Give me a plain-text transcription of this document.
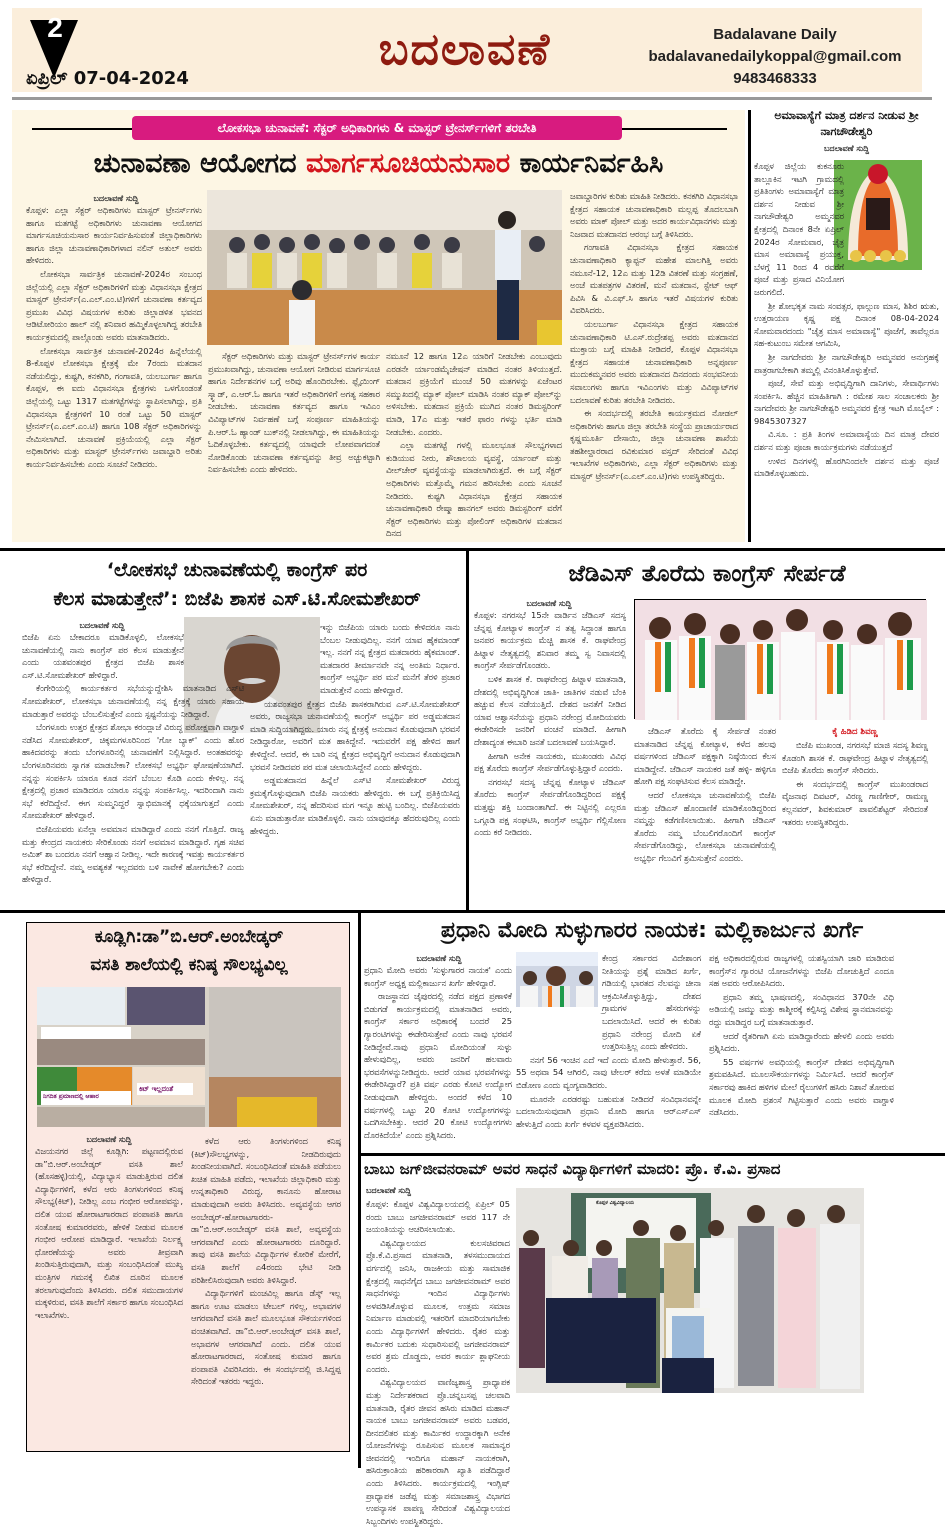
2
ಏಪ್ರಿಲ್ 07-04-2024
ಬದಲಾವಣೆ	Badalavane Daily
badalavanedailykoppal@gmail.com
9483468333
ಲೋಕಸಭಾ ಚುನಾವಣೆ: ಸೆಕ್ಟರ್ ಅಧಿಕಾರಿಗಳು & ಮಾಸ್ಟರ್ ಟ್ರೇನರ್ಸ್‌ಗಳಿಗೆ ತರಬೇತಿ
ಚುನಾವಣಾ ಆಯೋಗದ ಮಾರ್ಗಸೂಚಿಯನುಸಾರ ಕಾರ್ಯನಿರ್ವಹಿಸಿ
ಬದಲಾವಣೆ ಸುದ್ದಿ

ಕೊಪ್ಪಳ: ಎಲ್ಲಾ ಸೆಕ್ಟರ್ ಅಧಿಕಾರಿಗಳು ಮಾಸ್ಟರ್ ಟ್ರೇನರ್ಸ್‌ಗಳು ಹಾಗೂ ಮತಗಟ್ಟೆ ಅಧಿಕಾರಿಗಳು ಚುನಾವಣಾ ಆಯೋಗದ ಮಾರ್ಗಸೂಚಿಯನುಸಾರ ಕಾರ್ಯನಿರ್ವಹಿಸುವಂತೆ ಜಿಲ್ಲಾಧಿಕಾರಿಗಳು ಹಾಗೂ ಜಿಲ್ಲಾ ಚುನಾವಣಾಧಿಕಾರಿಗಳಾದ ನಲಿನ್ ಅತುಲ್ ಅವರು ಹೇಳಿದರು.

ಲೋಕಸಭಾ ಸಾರ್ವತ್ರಿಕ ಚುನಾವಣೆ-2024ರ ಸಂಬಂಧ ಜಿಲ್ಲೆಯಲ್ಲಿ ಎಲ್ಲಾ ಸೆಕ್ಟರ್ ಅಧಿಕಾರಿಗಳಿಗೆ ಮತ್ತು ವಿಧಾನಸಭಾ ಕ್ಷೇತ್ರದ ಮಾಸ್ಟರ್ ಟ್ರೇನರ್ಸ್(ಎ.ಎಲ್.ಎಂ.ಟಿ)ಗಳಿಗೆ ಚುನಾವಣಾ ಕರ್ತವ್ಯದ ಪ್ರಮುಖ ವಿವಿಧ ವಿಷಯಗಳ ಕುರಿತು ಜಿಲ್ಲಾಡಳಿತ ಭವನದ ಆಡಿಟೋರಿಯಂ ಹಾಲ್ ನಲ್ಲಿ ಶನಿವಾರ ಹಮ್ಮಿಕೊಳ್ಳಲಾಗಿದ್ದ ತರಬೇತಿ ಕಾರ್ಯಕ್ರಮದಲ್ಲಿ ಪಾಲ್ಗೊಂಡು ಅವರು ಮಾತನಾಡಿದರು.

ಲೋಕಸಭಾ ಸಾರ್ವತ್ರಿಕ ಚುನಾವಣೆ-2024ರ ಹಿನ್ನೆಲೆಯಲ್ಲಿ 8-ಕೊಪ್ಪಳ ಲೋಕಸಭಾ ಕ್ಷೇತ್ರಕ್ಕೆ ಮೇ 7ರಂದು ಮತದಾನ ನಡೆಯಲಿದ್ದು, ಕುಷ್ಟಗಿ, ಕನಕಗಿರಿ, ಗಂಗಾವತಿ, ಯಲಬುರ್ಗಾ ಹಾಗೂ ಕೊಪ್ಪಳ, ಈ ಐದು ವಿಧಾನಸಭಾ ಕ್ಷೇತ್ರಗಳು ಒಳಗೊಂಡಂತೆ ಜಿಲ್ಲೆಯಲ್ಲಿ ಒಟ್ಟು 1317 ಮತಗಟ್ಟೆಗಳನ್ನು ಸ್ಥಾಪಿಸಲಾಗಿದ್ದು, ಪ್ರತಿ ವಿಧಾನಸಭಾ ಕ್ಷೇತ್ರಗಳಿಗೆ 10 ರಂತೆ ಒಟ್ಟು 50 ಮಾಸ್ಟರ್ ಟ್ರೇನರ್ಸ್(ಎ.ಎಲ್.ಎಂ.ಟಿ) ಹಾಗೂ 108 ಸೆಕ್ಟರ್ ಅಧಿಕಾರಿಗಳನ್ನು ನೇಮಿಸಲಾಗಿದೆ. ಚುನಾವಣೆ ಪ್ರಕ್ರಿಯೆಯಲ್ಲಿ ಎಲ್ಲಾ ಸೆಕ್ಟರ್ ಅಧಿಕಾರಿಗಳು ಮತ್ತು ಮಾಸ್ಟರ್ ಟ್ರೇನರ್ಸ್‌ಗಳು ಜವಾಬ್ದಾರಿ ಅರಿತು ಕಾರ್ಯನಿರ್ವಹಿಸಬೇಕು ಎಂದು ಸೂಚನೆ ನೀಡಿದರು.

ಸೆಕ್ಟರ್ ಅಧಿಕಾರಿಗಳು ಮತ್ತು ಮಾಸ್ಟರ್ ಟ್ರೇನರ್ಸ್‌ಗಳ ಕಾರ್ಯ ಪ್ರಮುಖವಾಗಿದ್ದು, ಚುನಾವಣಾ ಆಯೋಗ ನೀಡಿರುವ ಮಾರ್ಗಸೂಚಿ ಹಾಗೂ ನಿರ್ದೇಶನಗಳ ಬಗ್ಗೆ ಅರಿವು ಹೊಂದಿರಬೇಕು. ಫ್ಲೈಯಿಂಗ್ ಸ್ಕ್ವಾಡ್, ಎ.ಆರ್.ಓ ಹಾಗೂ ಇತರೆ ಅಧಿಕಾರಿಗಳಿಗೆ ಅಗತ್ಯ ಸಹಕಾರ ನೀಡಬೇಕು. ಚುನಾವಣಾ ಕರ್ತವ್ಯದ ಹಾಗೂ ಇವಿಎಂ ವಿವಿಪ್ಯಾಟ್‌ಗಳ ನಿರ್ವಹಣೆ ಬಗ್ಗೆ ಸಂಪೂರ್ಣ ಮಾಹಿತಿಯನ್ನು ಪಿ.ಆರ್.ಓ ಹ್ಯಾಂಡ್ ಬುಕ್‌ನಲ್ಲಿ ನೀಡಲಾಗಿದ್ದು, ಈ ಮಾಹಿತಿಯನ್ನು ಓದಿಕೊಳ್ಳಬೇಕು. ಕರ್ತವ್ಯದಲ್ಲಿ ಯಾವುದೇ ಲೋಪವಾಗದಂತೆ ನೋಡಿಕೊಂಡು ಚುನಾವಣಾ ಕರ್ತವ್ಯವನ್ನು ತೀವ್ರ ಅಚ್ಚುಕಟ್ಟಾಗಿ ನಿರ್ವಹಿಸಬೇಕು ಎಂದು ಹೇಳಿದರು.

ನಮೂನೆ 12 ಹಾಗೂ 12ಎ ಯಾರಿಗೆ ನೀಡಬೇಕು ಎಂಬುವುದು ಎರಡನೇ ರ್ಯಾಂಡಮೈಜೇಷನ್ ಮಾಡಿದ ನಂತರ ತಿಳಿಯುತ್ತದೆ. ಮತದಾನ ಪ್ರಕ್ರಿಯೆಗೆ ಮುಂಚೆ 50 ಮತಗಳನ್ನು ಏಜೆಂಟರ ಸಮ್ಮುಖದಲ್ಲಿ ಮ್ಯಾಕ್ ಪೋಲ್ ಮಾಡಿಸಿ ನಂತರ ಮ್ಯಾಕ್ ಪೋಲ್‌ನ್ನು ಅಳಿಸಬೇಕು. ಮತದಾನ ಪ್ರಕ್ರಿಯೆ ಮುಗಿದ ನಂತರ ಡಿಮಸ್ಟರಿಂಗ್ ಮಾಡಿ, 17ಎ ಮತ್ತು ಇತರೆ ಫಾರಂ ಗಳನ್ನು ಭರ್ತಿ ಮಾಡಿ ನೀಡಬೇಕು. ಎಂದರು.

ಎಲ್ಲಾ ಮತಗಟ್ಟೆ ಗಳಲ್ಲಿ ಮೂಲಭೂತ ಸೌಲಭ್ಯಗಳಾದ ಕುಡಿಯುವ ನೀರು, ಶೌಚಾಲಯ ವ್ಯವಸ್ಥೆ, ರ್ಯಾಂಪ್ ಮತ್ತು ವೀಲ್‌ಚೇರ್ ವ್ಯವಸ್ಥೆಯನ್ನು ಮಾಡಲಾಗಿರುತ್ತದೆ. ಈ ಬಗ್ಗೆ ಸೆಕ್ಟರ್ ಅಧಿಕಾರಿಗಳು ಮತ್ತೊಮ್ಮೆ ಗಮನ ಹರಿಸಬೇಕು ಎಂದು ಸೂಚನೆ ನೀಡಿದರು. ಕುಷ್ಟಗಿ ವಿಧಾನಸಭಾ ಕ್ಷೇತ್ರದ ಸಹಾಯಕ ಚುನಾವಣಾಧಿಕಾರಿ ರೇಷ್ಮಾ ಹಾನಗಲ್ ಅವರು ಡಿಮಸ್ಟರಿಂಗ್ ವರೆಗೆ ಸೆಕ್ಟರ್ ಅಧಿಕಾರಿಗಳು ಮತ್ತು ಪೋಲಿಂಗ್ ಅಧಿಕಾರಿಗಳ ಮತದಾನ ದಿನದ

ಜವಾಬ್ದಾರಿಗಳ ಕುರಿತು ಮಾಹಿತಿ ನೀಡಿದರು. ಕನಕಗಿರಿ ವಿಧಾನಸಭಾ ಕ್ಷೇತ್ರದ ಸಹಾಯಕ ಚುನಾವಣಾಧಿಕಾರಿ ಮಲ್ಲಪ್ಪ ತೊದಲಬಾಗಿ ಅವರು ಮಾಕ್ ಪೋಲ್ ಮತ್ತು ಅದರ ಕಾರ್ಯವಿಧಾನಗಳು ಮತ್ತು ನಿಜವಾದ ಮತದಾನದ ಆರಂಭ ಬಗ್ಗೆ ತಿಳಿಸಿದರು.

ಗಂಗಾವತಿ ವಿಧಾನಸಭಾ ಕ್ಷೇತ್ರದ ಸಹಾಯಕ ಚುನಾವಣಾಧಿಕಾರಿ ಕ್ಯಾಪ್ಟನ್ ಮಹೇಶ ಮಾಲಗಿತ್ತಿ ಅವರು ನಮೂನೆ-12, 12ಎ ಮತ್ತು 12ಡಿ ವಿತರಣೆ ಮತ್ತು ಸಂಗ್ರಹಣೆ, ಅಂಚೆ ಮತಪತ್ರಗಳ ವಿತರಣೆ, ಮನೆ ಮತದಾನ, ಸ್ಟೇಟ್ ಆಫ್ ಪಿವಿಸಿ & ವಿ.ಎಫ್.ಸಿ ಹಾಗೂ ಇತರೆ ವಿಷಯಗಳ ಕುರಿತು ವಿವರಿಸಿದರು.

ಯಲಬುರ್ಗಾ ವಿಧಾನಸಭಾ ಕ್ಷೇತ್ರದ ಸಹಾಯಕ ಚುನಾವಣಾಧಿಕಾರಿ ಟಿ.ಎಸ್.ರುದ್ರೇಶಪ್ಪ ಅವರು ಮತದಾನದ ಮುಕ್ತಾಯ ಬಗ್ಗೆ ಮಾಹಿತಿ ನೀಡಿದರೆ, ಕೊಪ್ಪಳ ವಿಧಾನಸಭಾ ಕ್ಷೇತ್ರದ ಸಹಾಯಕ ಚುನಾವಣಾಧಿಕಾರಿ ಅನ್ನಪೂರ್ಣ ಮುದುಕಮ್ಮನವರ ಅವರು ಮತದಾನದ ದಿನದಂದು ಸಂಭವನೀಯ ಸವಾಲುಗಳು ಹಾಗೂ ಇವಿಎಂಗಳು ಮತ್ತು ವಿವಿಪ್ಯಾಟ್‌ಗಳ ಬದಲಾವಣೆ ಕುರಿತು ತರಬೇತಿ ನೀಡಿದರು.

ಈ ಸಂದರ್ಭದಲ್ಲಿ ತರಬೇತಿ ಕಾರ್ಯಕ್ರಮದ ನೋಡಲ್ ಅಧಿಕಾರಿಗಳು ಹಾಗೂ ಜಿಲ್ಲಾ ತರಬೇತಿ ಸಂಸ್ಥೆಯ ಪ್ರಾಚಾರ್ಯರಾದ ಕೃಷ್ಣಮೂರ್ತಿ ದೇಸಾಯಿ, ಜಿಲ್ಲಾ ಚುನಾವಣಾ ಶಾಖೆಯ ತಹಶೀಲ್ದಾರರಾದ ರವಿಕುಮಾರ ವಸ್ತದ್ ಸೇರಿದಂತೆ ವಿವಿಧ ಇಲಾಖೆಗಳ ಅಧಿಕಾರಿಗಳು, ಎಲ್ಲಾ ಸೆಕ್ಟರ್ ಅಧಿಕಾರಿಗಳು ಮತ್ತು ಮಾಸ್ಟರ್ ಟ್ರೇನರ್ಸ್(ಎ.ಎಲ್.ಎಂ.ಟಿ)ಗಳು ಉಪಸ್ಥಿತರಿದ್ದರು.

ಅಮಾವಾಸ್ಯೆಗೆ ಮಾತ್ರ ದರ್ಶನ ನೀಡುವ ಶ್ರೀ ನಾಗಚೌಡೇಶ್ವರಿ
ಬದಲಾವಣೆ ಸುದ್ದಿ

ಕೊಪ್ಪಳ ಜಿಲ್ಲೆಯ ಕುಕನೂರು ತಾಲ್ಲೂಕಿನ ಇಟಗಿ ಗ್ರಾಮದಲ್ಲಿ ಪ್ರತಿತಿಂಗಳು ಅಮಾವಾಸ್ಯೆಗೆ ಮಾತ್ರ ದರ್ಶನ ನೀಡುವ ಶ್ರೀ ನಾಗಚೌಡೇಶ್ವರಿ ಅಮ್ಮನವರ ಕ್ಷೇತ್ರದಲ್ಲಿ ದಿನಾಂಕ 8ನೇ ಏಪ್ರಿಲ್ 2024ರ ಸೋಮವಾರ, ಚೈತ್ರ ಮಾಸ ಅಮಾವಾಸ್ಯೆ ಪ್ರಯುಕ್ತ, ಬೆಳಗ್ಗೆ 11 ರಿಂದ 4 ರವರೆಗೆ ಪೂಜೆ ಮತ್ತು ಪ್ರಸಾದ ವಿನಿಯೋಗ ಜರುಗಲಿದೆ.

ಶ್ರೀ ಶೋಭಕೃತ ನಾಮ ಸಂವತ್ಸರ, ಫಾಲ್ಗುಣ ಮಾಸ, ಶಿಶಿರ ಋತು, ಉತ್ತರಾಯಣ ಕೃಷ್ಣ ಪಕ್ಷ ದಿನಾಂಕ 08-04-2024 ಸೋಮವಾರದಂದು "ಚೈತ್ರ ಮಾಸ ಅಮಾವಾಸ್ಯೆ" ಪೂಜೆಗೆ, ತಾವೆಲ್ಲರೂ ಸಹ-ಕುಟುಂಬ ಸಮೇತ ಆಗಮಿಸಿ,

ಶ್ರೀ ನಾಗದೇವರು ಶ್ರೀ ನಾಗಚೌಡೇಶ್ವರಿ ಅಮ್ಮನವರ ಅನುಗ್ರಹಕ್ಕೆ ಪಾತ್ರರಾಗಬೇಕಾಗಿ ತಮ್ಮಲ್ಲಿ ವಿನಂತಿಸಿಕೊಳ್ಳುತ್ತೇವೆ.

ಪೂಜೆ, ಸೇವೆ ಮತ್ತು ಅಭಿವೃದ್ಧಿಗಾಗಿ ದಾನಿಗಳು, ಸೇವಾರ್ಥಿಗಳು ಸಂಪರ್ಕಿಸಿ. ಹೆಚ್ಚಿನ ಮಾಹಿತಿಗಾಗಿ : ರಮೇಶ ಸಾಲ ಸಂಚಾಲಕರು ಶ್ರೀ ನಾಗದೇವರು ಶ್ರೀ ನಾಗಚೌಡೇಶ್ವರಿ ಅಮ್ಮನವರ ಕ್ಷೇತ್ರ ಇಟಗಿ ಮೊಬೈಲ್ : 9845307327

ವಿ.ಸೂ. : ಪ್ರತಿ ತಿಂಗಳ ಅಮಾವಾಸ್ಯೆಯ ದಿನ ಮಾತ್ರ ದೇವರ ದರ್ಶನ ಮತ್ತು ಪೂಜಾ ಕಾರ್ಯಕ್ರಮಗಳು ನಡೆಯುತ್ತದೆ

ಉಳಿದ ದಿನಗಳಲ್ಲಿ ಹೊರಗಿನಿಂದಲೇ ದರ್ಶನ ಮತ್ತು ಪೂಜೆ ಮಾಡಿಕೊಳ್ಳಬಹುದು.

‘ಲೋಕಸಭೆ ಚುನಾವಣೆಯಲ್ಲಿ ಕಾಂಗ್ರೆಸ್ ಪರ
ಕೆಲಸ ಮಾಡುತ್ತೇನೆ’: ಬಿಜೆಪಿ ಶಾಸಕ ಎಸ್.ಟಿ.ಸೋಮಶೇಖರ್
ಬದಲಾವಣೆ ಸುದ್ದಿ

ಬಿಜೆಪಿ ಏನು ಬೇಕಾದರೂ ಮಾಡಿಕೊಳ್ಳಲಿ, ಲೋಕಸಭೆ ಚುನಾವಣೆಯಲ್ಲಿ ನಾನು ಕಾಂಗ್ರೆಸ್ ಪರ ಕೆಲಸ ಮಾಡುತ್ತೇನೆ ಎಂದು ಯಶವಂತಪುರ ಕ್ಷೇತ್ರದ ಬಿಜೆಪಿ ಶಾಸಕ ಎಸ್.ಟಿ.ಸೋಮಶೇಖರ್ ಹೇಳಿದ್ದಾರೆ.

ಕೆಂಗೇರಿಯಲ್ಲಿ ಕಾರ್ಯಕರ್ತರ ಸಭೆಯನ್ನುದ್ದೇಶಿಸಿ ಮಾತನಾಡಿದ ಎಸ್‌ಟಿ ಸೋಮಶೇಖರ್, ಲೋಕಸಭಾ ಚುನಾವಣೆಯಲ್ಲಿ ನನ್ನ ಕ್ಷೇತ್ರಕ್ಕೆ ಯಾರು ಸಹಾಯ ಮಾಡುತ್ತಾರೆ ಅವರನ್ನು ಬೆಂಬಲಿಸುತ್ತೇನೆ ಎಂದು ಸ್ಪಷ್ಟನೆಯನ್ನು ನೀಡಿದ್ದಾರೆ.

ಬೆಂಗಳೂರು ಉತ್ತರ ಕ್ಷೇತ್ರದ ಶೋಭಾ ಕರಂದ್ಲಾಜೆ ವಿರುದ್ಧ ಪರೋಕ್ಷವಾಗಿ ವಾಗ್ದಾಳಿ ನಡೆಸಿದ ಸೋಮಶೇಖರ್, ಚಿಕ್ಕಮಗಳೂರಿನಿಂದ 'ಗೋ ಬ್ಯಾಕ್' ಎಂದು ಹೊರ ಹಾಕಿದವರನ್ನು ತಂದು ಬೆಂಗಳೂರಿನಲ್ಲಿ ಚುನಾವಣೆಗೆ ನಿಲ್ಲಿಸಿದ್ದಾರೆ. ಅಂತಹವರನ್ನು ಬೆಂಗಳೂರಿನವರು ಸ್ವಾಗತ ಮಾಡಬೇಕಾ? ಲೋಕಸಭೆ ಅಭ್ಯರ್ಥಿ ಘೋಷಣೆಯಾಗಿದೆ. ನನ್ನನ್ನು ಸಂಪರ್ಕಿಸಿ ಯಾರೂ ಕೂಡ ನನಗೆ ಬೆಂಬಲ ಕೊಡಿ ಎಂದು ಕೇಳಿಲ್ಲ. ನನ್ನ ಕ್ಷೇತ್ರದಲ್ಲಿ ಪ್ರಚಾರ ಮಾಡಿದರೂ ಯಾರೂ ನನ್ನನ್ನು ಸಂಪರ್ಕಿಸಿಲ್ಲ. ಇದರಿಂದಾಗಿ ನಾನು ಸಭೆ ಕರೆದಿದ್ದೇನೆ. ಈಗ ಸುಮ್ಮನಿದ್ದರೆ ಸ್ವಾಭಿಮಾನಕ್ಕೆ ಧಕ್ಕೆಯಾಗುತ್ತದೆ ಎಂದು ಸೋಮಶೇಖರ್ ಹೇಳಿದ್ದಾರೆ.

ಬಿಜೆಪಿಯವರು ಏನೆಲ್ಲಾ ಅವಮಾನ ಮಾಡಿದ್ದಾರೆ ಎಂದು ನನಗೆ ಗೊತ್ತಿದೆ. ರಾಜ್ಯ ಮತ್ತು ಕೇಂದ್ರದ ನಾಯಕರು ಸೇರಿಕೊಂಡು ನನಗೆ ಅವಮಾನ ಮಾಡಿದ್ದಾರೆ. ಗೃಹ ಸಚಿವ ಅಮಿತ್ ಶಾ ಬಂದರೂ ನನಗೆ ಆಹ್ವಾನ ನೀಡಿಲ್ಲ. ಇದೇ ಕಾರಣಕ್ಕೆ ಇವತ್ತು ಕಾರ್ಯಕರ್ತರ ಸಭೆ ಕರೆದಿದ್ದೇನೆ. ನಮ್ಮ ಅವಶ್ಯಕತೆ ಇಲ್ಲದವರು ಬಳಿ ನಾವೇಕೆ ಹೋಗಬೇಕು? ಎಂದು ಹೇಳಿದ್ದಾರೆ.

ಇನ್ನು ಬಿಜೆಪಿಯ ಯಾರು ಬಂದು ಕೇಳಿದರೂ ನಾನು ಬೆಂಬಲ ನೀಡುವುದಿಲ್ಲ. ನನಗೆ ಯಾವ ಹೈಕಮಾಂಡ್ ಇಲ್ಲ. ನನಗೆ ನನ್ನ ಕ್ಷೇತ್ರದ ಮತದಾರರು ಹೈಕಮಾಂಡ್. ಮತದಾರರ ತೀರ್ಮಾನವೇ ನನ್ನ ಅಂತಿಮ ನಿರ್ಧಾರ. ಕಾಂಗ್ರೆಸ್ ಅಭ್ಯರ್ಥಿ ಪರ ಮನೆ ಮನೆಗೆ ತೆರಳಿ ಪ್ರಚಾರ ಮಾಡುತ್ತೇನೆ ಎಂದು ಹೇಳಿದ್ದಾರೆ.

ಯಶವಂತಪುರ ಕ್ಷೇತ್ರದ ಬಿಜೆಪಿ ಶಾಸಕರಾಗಿರುವ ಎಸ್.ಟಿ.ಸೋಮಶೇಖರ್ ಅವರು, ರಾಜ್ಯಸಭಾ ಚುನಾವಣೆಯಲ್ಲಿ ಕಾಂಗ್ರೆಸ್ ಅಭ್ಯರ್ಥಿ ಪರ ಅಡ್ಡಮತದಾನ ಮಾಡಿ ಸುದ್ದಿಯಾಗಿದ್ದರು. ಯಾರು ನನ್ನ ಕ್ಷೇತ್ರಕ್ಕೆ ಅನುದಾನ ಕೊಡುವುದಾಗಿ ಭರವಸೆ ನೀಡಿದ್ದಾರೋ, ಅವರಿಗೆ ಮತ ಹಾಕಿದ್ದೇನೆ. ಇದುವರೆಗೆ ಪಕ್ಷ ಹೇಳಿದ ಹಾಗೆ ಕೇಳಿದ್ದೇನೆ. ಆದರೆ, ಈ ಬಾರಿ ನನ್ನ ಕ್ಷೇತ್ರದ ಅಭಿವೃದ್ಧಿಗೆ ಅನುದಾನ ಕೊಡುವುದಾಗಿ ಭರವಸೆ ನೀಡಿದವರ ಪರ ಮತ ಚಲಾಯಿಸಿದ್ದೇನೆ ಎಂದು ಹೇಳಿದ್ದರು.

ಅಡ್ಡಮತದಾನದ ಹಿನ್ನೆಲೆ ಎಸ್‌ಟಿ ಸೋಮಶೇಖರ್ ವಿರುದ್ಧ ಕ್ರಮಕೈಗೊಳ್ಳುವುದಾಗಿ ಬಿಜೆಪಿ ನಾಯಕರು ಹೇಳಿದ್ದರು. ಈ ಬಗ್ಗೆ ಪ್ರತಿಕ್ರಿಯಿಸಿದ್ದ ಸೋಮಶೇಖರ್, ನನ್ನ ಹೆದರಿಸುವ ಮಗ ಇನ್ನೂ ಹುಟ್ಟಿ ಬಂದಿಲ್ಲ. ಬಿಜೆಪಿಯವರು ಏನು ಮಾಡುತ್ತಾರೋ ಮಾಡಿಕೊಳ್ಳಲಿ. ನಾನು ಯಾವುದಕ್ಕೂ ಹೆದರುವುದಿಲ್ಲ ಎಂದು ಹೇಳಿದ್ದರು.

ಜೆಡಿಎಸ್ ತೊರೆದು ಕಾಂಗ್ರೆಸ್ ಸೇರ್ಪಡೆ
ಬದಲಾವಣೆ ಸುದ್ದಿ

ಕೊಪ್ಪಳ: ನಗರಸಭೆ 15ನೇ ವಾರ್ಡಿನ ಜೆಡಿಎಸ್ ಸದಸ್ಯ ಚೆನ್ನಪ್ಪ ಕೋಟ್ಯಾಳ ಕಾಂಗ್ರೆಸ್ ನ ತತ್ವ ಸಿದ್ಧಾಂತ ಹಾಗೂ ಜನಪರ ಕಾರ್ಯಕ್ರಮ ಮೆಚ್ಚಿ ಶಾಸಕ ಕೆ. ರಾಘವೇಂದ್ರ ಹಿಟ್ನಾಳ ನೇತೃತ್ವದಲ್ಲಿ ಶನಿವಾರ ತಮ್ಮ ಸ್ವ ನಿವಾಸದಲ್ಲಿ ಕಾಂಗ್ರೆಸ್ ಸೇರ್ಪಡೆಗೊಂಡರು.

ಬಳಿಕ ಶಾಸಕ ಕೆ. ರಾಘವೇಂದ್ರ ಹಿಟ್ನಾಳ ಮಾತನಾಡಿ, ದೇಶದಲ್ಲಿ ಅಭಿವೃದ್ಧಿಗಿಂತ ಜಾತಿ- ಜಾತಿಗಳ ನಡುವೆ ಬೆಂಕಿ ಹಚ್ಚುವ ಕೆಲಸ ನಡೆಯುತ್ತಿದೆ. ದೇಶದ ಜನತೆಗೆ ನೀಡಿದ ಯಾವ ಆಶ್ವಾಸನೆಯನ್ನು ಪ್ರಧಾನಿ ನರೇಂದ್ರ ಮೋದಿಯವರು ಈಡೇರಿಸದೇ ಜನರಿಗೆ ವಂಚನೆ ಮಾಡಿದೆ. ಹೀಗಾಗಿ ದೇಶಾದ್ಯಂತ ಈಬಾರಿ ಜನತೆ ಬದಲಾವಣೆ ಬಯಸಿದ್ದಾರೆ.

ಹೀಗಾಗಿ ಅನೇಕ ನಾಯಕರು, ಮುಖಂಡರು ವಿವಿಧ ಪಕ್ಷ ತೊರೆದು ಕಾಂಗ್ರೆಸ್ ಸೇರ್ಪಡೆಗೊಳ್ಳುತ್ತಿದ್ದಾರೆ ಎಂದರು.

ನಗರಸಭೆ ಸದಸ್ಯ ಚೆನ್ನಪ್ಪ ಕೋಟ್ಯಾಳ ಜೆಡಿಎಸ್ ತೊರೆದು ಕಾಂಗ್ರೆಸ್ ಸೇರ್ಪಡೆಗೊಂಡಿದ್ದರಿಂದ ಪಕ್ಷಕ್ಕೆ ಮತ್ತಷ್ಟು ಶಕ್ತಿ ಬಂದಾಂತಾಗಿದೆ. ಈ ನಿಟ್ಟಿನಲ್ಲಿ ಎಲ್ಲರೂ ಒಗ್ಗೂಡಿ ಪಕ್ಷ ಸಂಘಟಿಸಿ, ಕಾಂಗ್ರೆಸ್ ಅಭ್ಯರ್ಥಿ ಗೆಲ್ಲಿಸೋಣ ಎಂದು ಕರೆ ನೀಡಿದರು.

ಜೆಡಿಎಸ್ ತೊರೆದು ಕೈ ಸೇರ್ಪಡೆ ನಂತರ ಮಾತನಾಡಿದ ಚೆನ್ನಪ್ಪ ಕೋಟ್ಯಾಳ, ಕಳೆದ ಹಲವು ವರ್ಷಗಳಿಂದ ಜೆಡಿಎಸ್ ಪಕ್ಷಕ್ಕಾಗಿ ನಿಷ್ಠೆಯಿಂದ ಕೆಲಸ ಮಾಡಿದ್ದೇನೆ. ಜೆಡಿಎಸ್ ನಾಯಕರ ಜತೆ ಹಳ್ಳಿ- ಹಳ್ಳಿಗೂ ಹೋಗಿ ಪಕ್ಷ ಸಂಘಟಿಸುವ ಕೆಲಸ ಮಾಡಿದ್ದೇ.

ಆದರೆ ಲೋಕಸಭಾ ಚುನಾವಣೆಯಲ್ಲಿ ಬಿಜೆಪಿ ಮತ್ತು ಜೆಡಿಎಸ್ ಹೊಂದಾಣಿಕೆ ಮಾಡಿಕೊಂಡಿದ್ದರಿಂದ ನಮ್ಮನ್ನು ಕಡೆಗಣಿಸಲಾಯಿತು. ಹೀಗಾಗಿ ಜೆಡಿಎಸ್ ತೊರೆದು ನಮ್ಮ ಬೆಂಬಲಿಗರೊಂದಿಗೆ ಕಾಂಗ್ರೆಸ್ ಸೇರ್ಪಡೆಗೊಂಡಿದ್ದು, ಲೋಕಸಭಾ ಚುನಾವಣೆಯಲ್ಲಿ ಅಭ್ಯರ್ಥಿ ಗೆಲುವಿಗೆ ಶ್ರಮಿಸುತ್ತೇನೆ ಎಂದರು.

ಕೈ ಹಿಡಿದ ಶಿವಣ್ಣ

ಬಿಜೆಪಿ ಮುಖಂಡ, ನಗರಸಭೆ ಮಾಜಿ ಸದಸ್ಯ ಶಿವಣ್ಣ ಕೊಡಂಗಿ ಶಾಸಕ ಕೆ. ರಾಘವೇಂದ್ರ ಹಿಟ್ನಾಳ ನೇತೃತ್ವದಲ್ಲಿ ಬಿಜೆಪಿ ತೊರೆದು ಕಾಂಗ್ರೆಸ್ ಸೇರಿದರು.

ಈ ಸಂದರ್ಭದಲ್ಲಿ ಕಾಂಗ್ರೆಸ್ ಮುಖಂಡರಾದ ವೈಜನಾಥ ದಿವಟರ್, ವಿರಣ್ಣ ಗಾಣಿಗೇರ್, ರಾಮಣ್ಣ ಕಲ್ಲನವರ್, ಶಿವಕುಮಾರ್ ಪಾವಲಿಶೆಟ್ಟರ್ ಸೇರಿದಂತೆ ಇತರರು ಉಪಸ್ಥಿತರಿದ್ದರು.

ಕೂಡ್ಲಿಗಿ:ಡಾ”ಬಿ.ಆರ್.ಅಂಬೇಡ್ಕರ್
ವಸತಿ ಶಾಲೆಯಲ್ಲಿ ಕನಿಷ್ಠ ಸೌಲಭ್ಯವಿಲ್ಲ
ಕಿಟ್ ಇಲ್ಲದಂತೆ
ನಿಗದಿತ ಪ್ರಮಾಣದಲ್ಲಿ ಆಹಾರ
ಬದಲಾವಣೆ ಸುದ್ದಿ

ವಿಜಯನಗರ ಜಿಲ್ಲೆ ಕೂಡ್ಲಿಗಿ: ಪಟ್ಟಣದಲ್ಲಿರುವ ಡಾ”ಬಿ.ಆರ್.ಅಂಬೇಡ್ಕರ್ ವಸತಿ ಶಾಲೆ (ಹೊಸಹಳ್ಳಿ)ಯಲ್ಲಿ, ವಿದ್ಯಾಭ್ಯಾಸ ಮಾಡುತ್ತಿರುವ ದಲಿತ ವಿದ್ಯಾರ್ಥಿಗಳಿಗೆ, ಕಳೆದ ಆರು ತಿಂಗಳುಗಳಿಂದ ಕನಿಷ್ಠ ಸೌಲಭ್ಯ(ಕಿಟ್), ನೀಡಿಲ್ಲ ಎಂಬ ಗಂಭೀರ ಆರೋಪವನ್ನು, ದಲಿತ ಯುವ ಹೋರಾಟಗಾರರಾದ ಪಂಪಾಪತಿ ಹಾಗೂ ಸಂತೋಷ ಕುಮಾರರವರು, ಹೇಳಿಕೆ ನೀಡುವ ಮೂಲಕ ಗಂಭೀರ ಆರೋಪ ಮಾಡಿದ್ದಾರೆ. ಇಲಾಖೆಯ ನಿರ್ಲಕ್ಷ್ಯ ಧೋರಣೆಯನ್ನು ಅವರು ತೀವ್ರವಾಗಿ ಖಂಡಿಸುತ್ತಿರುವುದಾಗಿ, ಮತ್ತು ಸಂಬಂಧಿಸಿದಂತೆ ಮುಖ್ಯ ಮಂತ್ರಿಗಳ ಗಮನಕ್ಕೆ ಲಿಖಿತ ದೂರಿನ ಮೂಲಕ ತರಲಾಗುವುದೆಂದು ತಿಳಿಸಿದರು. ದಲಿತ ಸಮುದಾಯಗಳ ಮಕ್ಕಳಿರುವ, ವಸತಿ ಶಾಲೆಗೆ ಸರ್ಕಾರ ಹಾಗೂ ಸಂಬಂಧಿಸಿದ ಇಲಾಖೆಗಳು.

ಕಳೆದ ಆರು ತಿಂಗಳುಗಳಿಂದ ಕನಿಷ್ಠ (ಕಿಟ್)ಸೌಲಭ್ಯಗಳನ್ನು, ನೀಡದಿರುವುದು ಖಂಡನೀಯವಾಗಿದೆ. ಸಂಬಂಧಿಸಿದಂತೆ ಮಾಹಿತಿ ಪಡೆಯಲು ಖಚಿತ ಮಾಹಿತಿ ಪಡೆದು, ಇಲಾಖೆಯ ಜಿಲ್ಲಾಧಿಕಾರಿ ಮತ್ತು ಉನ್ನತಾಧಿಕಾರಿ ವಿರುದ್ಧ, ಕಾನೂನು ಹೋರಾಟ ಮಾಡುವುದಾಗಿ ಅವರು ತಿಳಿಸಿದರು. ಅವ್ಯವಸ್ಥೆಯ ಆಗರ ಅಂಬೇಡ್ಕರ್-ಹೋರಾಟಗಾರರು- ಡಾ”ಬಿ.ಆರ್.ಅಂಬೇಡ್ಕರ್ ವಸತಿ ಶಾಲೆ, ಅವ್ಯವಸ್ಥೆಯ ಆಗರವಾಗಿದೆ ಎಂದು ಹೋರಾಟಗಾರರು ದೂರಿದ್ದಾರೆ. ತಾವು ವಸತಿ ಶಾಲೆಯ ವಿದ್ಯಾರ್ಥಿಗಳ ಕೋರಿಕೆ ಮೇರೆಗೆ, ವಸತಿ ಶಾಲೆಗೆ ಎ4ರಂದು ಭೇಟಿ ನೀಡಿ ಪರಿಶೀಲಿಸಿರುವುದಾಗಿ ಅವರು ತಿಳಿಸಿದ್ದಾರೆ.

ವಿದ್ಯಾರ್ಥಿಗಳಿಗೆ ಮಂಚವಿಲ್ಲ ಹಾಗೂ ಡೆಸ್ಕ್ ಇಲ್ಲ ಹಾಗೂ ಊಟ ಮಾಡಲು ಟೇಬಲ್ ಗಳಿಲ್ಲ, ಅಭಾವಗಳ ಆಗರವಾಗಿದೆ ವಸತಿ ಶಾಲೆ ಮೂಲಭೂತ ಸೌಕರ್ಯಗಳಿಂದ ವಂಚಿತವಾಗಿದೆ. ಡಾ”ಬಿ.ಆರ್.ಅಂಬೇಡ್ಕರ್ ವಸತಿ ಶಾಲೆ, ಅಭಾವಗಳ ಆಗರವಾಗಿದೆ ಎಂದು. ದಲಿತ ಯುವ ಹೋರಾಟಗಾರರಾದ, ಸಂತೋಷ ಕುಮಾರ ಹಾಗೂ ಪಂಪಾಪತಿ ವಿವರಿಸಿದರು. ಈ ಸಂದರ್ಭದಲ್ಲಿ ಜಿ.ಸಿದ್ದಪ್ಪ ಸೇರಿದಂತೆ ಇತರರು ಇದ್ದರು.

ಪ್ರಧಾನಿ ಮೋದಿ ಸುಳ್ಳುಗಾರರ ನಾಯಕ: ಮಲ್ಲಿಕಾರ್ಜುನ ಖರ್ಗೆ
ಬದಲಾವಣೆ ಸುದ್ದಿ

ಪ್ರಧಾನಿ ಮೋದಿ ಅವರು 'ಸುಳ್ಳುಗಾರರ ನಾಯಕ' ಎಂದು ಕಾಂಗ್ರೆಸ್ ಅಧ್ಯಕ್ಷ ಮಲ್ಲಿಕಾರ್ಜುನ ಖರ್ಗೆ ಹೇಳಿದ್ದಾರೆ.

ರಾಜಸ್ಥಾನದ ಜೈಪುರದಲ್ಲಿ ನಡೆದ ಪಕ್ಷದ ಪ್ರಣಾಳಿಕೆ ಬಿಡುಗಡೆ ಕಾರ್ಯಕ್ರಮದಲ್ಲಿ ಮಾತನಾಡಿದ ಅವರು, ಕಾಂಗ್ರೆಸ್ ಸರ್ಕಾರ ಅಧಿಕಾರಕ್ಕೆ ಬಂದರೆ 25 ಗ್ಯಾರಂಟಿಗಳನ್ನು ಈಡೇರಿಸುತ್ತೇವೆ ಎಂದು ನಾವು ಭರವಸೆ ನೀಡಿದ್ದೇವೆ.ನಾವು ಪ್ರಧಾನಿ ಮೋದಿಯಂತೆ ಸುಳ್ಳು ಹೇಳುವುದಿಲ್ಲ, ಅವರು ಜನರಿಗೆ ಹಲವಾರು ಭರವಸೆಗಳನ್ನುನೀಡಿದ್ದರು. ಆದರೆ ಯಾವ ಭರವಸೆಗಳನ್ನು ಈಡೇರಿಸಿದ್ದಾರೆ? ಪ್ರತಿ ವರ್ಷ ಎರಡು ಕೋಟಿ ಉದ್ಯೋಗ ನೀಡುವುದಾಗಿ ಹೇಳಿದ್ದರು. ಅಂದರೆ ಕಳೆದ 10 ವರ್ಷಗಳಲ್ಲಿ ಒಟ್ಟು 20 ಕೋಟಿ ಉದ್ಯೋಗಗಳನ್ನು ಒದಗಿಸಬೇಕಿತ್ತು. ಆದರೆ 20 ಕೋಟಿ ಉದ್ಯೋಗಗಳು ದೊರಕಿದೆಯೇ' ಎಂದು ಪ್ರಶ್ನಿಸಿದರು.

ಕೇಂದ್ರ ಸರ್ಕಾರದ ವಿದೇಶಾಂಗ ನೀತಿಯನ್ನು ಪ್ರಶ್ನೆ ಮಾಡಿದ ಖರ್ಗೆ, ಗಡಿಯಲ್ಲಿ ಭಾರತದ ನೆಲವನ್ನು ಚೀನಾ ಆಕ್ರಮಿಸಿಕೊಳ್ಳುತ್ತಿದ್ದು, ದೇಶದ ಗ್ರಾಮಗಳ ಹೆಸರುಗಳನ್ನು ಬದಲಾಯಿಸಿದೆ. ಆದರೆ ಈ ಕುರಿತು ಪ್ರಧಾನಿ ನರೇಂದ್ರ ಮೋದಿ ಏಕೆ ಉತ್ತರಿಸುತ್ತಿಲ್ಲ ಎಂದು ಹೇಳಿದರು.

ನನಗೆ 56 ಇಂಚಿನ ಎದೆ ಇದೆ ಎಂದು ಮೋದಿ ಹೇಳುತ್ತಾರೆ. 56, 55 ಅಥವಾ 54 ಆಗಿರಲಿ, ನಾವು ಟೇಲರ್ ಕರೆದು ಅಳತೆ ಮಾಡಿಯೇ ಬಿಡೋಣ ಎಂದು ವ್ಯಂಗ್ಯವಾಡಿದರು.

ಮೂರನೇ ಎರಡರಷ್ಟು ಬಹುಮತ ನೀಡಿದರೆ ಸಂವಿಧಾನವನ್ನೇ ಬದಲಾಯಿಸುವುದಾಗಿ ಪ್ರಧಾನಿ ಮೋದಿ ಹಾಗೂ ಆರ್‌ಎಸ್‌ಎಸ್ ಹೇಳುತ್ತಿದೆ ಎಂದು ಖರ್ಗೆ ಕಳವಳ ವ್ಯಕ್ತಪಡಿಸಿದರು.

ಪಕ್ಷ ಅಧಿಕಾರದಲ್ಲಿರುವ ರಾಜ್ಯಗಳಲ್ಲಿ ಯಶಸ್ವಿಯಾಗಿ ಜಾರಿ ಮಾಡಿರುವ ಕಾಂಗ್ರೆಸ್‌ನ ಗ್ಯಾರಂಟಿ ಯೋಜನೆಗಳನ್ನು ಬಿಜೆಪಿ ದೋಚುತ್ತಿದೆ ಎಂದೂ ಸಹ ಅವರು ಆರೋಪಿಸಿದರು.

ಪ್ರಧಾನಿ ತಮ್ಮ ಭಾಷಣದಲ್ಲಿ, ಸಂವಿಧಾನದ 370ನೇ ವಿಧಿ ಅಡಿಯಲ್ಲಿ ಜಮ್ಮು ಮತ್ತು ಕಾಶ್ಮೀರಕ್ಕೆ ಕಲ್ಪಿಸಿದ್ದ ವಿಶೇಷ ಸ್ಥಾನಮಾನವನ್ನು ರದ್ದು ಮಾಡಿದ್ದರ ಬಗ್ಗೆ ಮಾತನಾಡುತ್ತಾರೆ.

ಆದರೆ ರೈತರಿಗಾಗಿ ಏನು ಮಾಡಿದ್ದಾರೆಂದು ಹೇಳಲಿ ಎಂದು ಅವರು ಪ್ರಶ್ನಿಸಿದರು.

55 ವರ್ಷಗಳ ಅವಧಿಯಲ್ಲಿ ಕಾಂಗ್ರೆಸ್ ದೇಶದ ಅಭಿವೃದ್ಧಿಗಾಗಿ ಶ್ರಮವಹಿಸಿದೆ. ಮೂಲಸೌಕರ್ಯಗಳನ್ನು ನಿರ್ಮಿಸಿದೆ. ಆದರೆ ಕಾಂಗ್ರೆಸ್ ಸರ್ಕಾರವು ಹಾಕಿದ ಹಳಿಗಳ ಮೇಲೆ ರೈಲುಗಳಿಗೆ ಹಸಿರು ನಿಶಾನೆ ತೋರುವ ಮೂಲಕ ಮೋದಿ ಪ್ರಶಂಸೆ ಗಿಟ್ಟಿಸುತ್ತಾರೆ ಎಂದು ಅವರು ವಾಗ್ದಾಳಿ ನಡೆಸಿದರು.

ಬಾಬು ಜಗ್‌ಜೀವನರಾಮ್ ಅವರ ಸಾಧನೆ ವಿದ್ಯಾರ್ಥಿಗಳಿಗೆ ಮಾದರಿ: ಪ್ರೊ. ಕೆ.ವಿ. ಪ್ರಸಾದ
ಬದಲಾವಣೆ ಸುದ್ದಿ
ಕೊಪ್ಪಳ ವಿಶ್ವವಿದ್ಯಾಲಯ

ಕೊಪ್ಪಳ: ಕೊಪ್ಪಳ ವಿಶ್ವವಿದ್ಯಾಲಯದಲ್ಲಿ ಏಪ್ರಿಲ್ 05 ರಂದು ಬಾಬು ಜಗಜೀವನರಾಮ್ ಅವರ 117 ನೇ ಜಯಂತಿಯನ್ನು ಆಚರಿಸಲಾಯಿತು.

ವಿಶ್ವವಿದ್ಯಾಲಯದ ಕುಲಸಚಿವರಾದ ಪ್ರೊ.ಕೆ.ವಿ.ಪ್ರಸಾದ ಮಾತನಾಡಿ, ತಳಸಮುದಾಯದ ವರ್ಗದಲ್ಲಿ ಜನಿಸಿ, ರಾಜಕೀಯ ಮತ್ತು ಸಾಮಾಜಿಕ ಕ್ಷೇತ್ರದಲ್ಲಿ ಸಾಧನೆಗೈದ ಬಾಬು ಜಗಜೀವನರಾಮ್ ಅವರ ಸಾಧನೆಗಳನ್ನು ಇಂದಿನ ವಿದ್ಯಾರ್ಥಿಗಳು ಅಳವಡಿಸಿಕೊಳ್ಳುವ ಮೂಲಕ, ಉತ್ತಮ ಸಮಾಜ ನಿರ್ಮಾಣ ಮಾಡುವಲ್ಲಿ ಇತರರಿಗೆ ಮಾದರಿಯಾಗಬೇಕು ಎಂದು ವಿದ್ಯಾರ್ಥಿಗಳಿಗೆ ಹೇಳಿದರು. ರೈತರ ಮತ್ತು ಕಾರ್ಮಿಕರ ಬದುಕು ಸುಧಾರಿಸುವಲ್ಲಿ ಜಗಜೀವನರಾಮ್ ಅವರ ಶ್ರಮ ದೊಡ್ಡದು, ಅವರ ಕಾರ್ಯ ಶ್ಲಾಘನೀಯ ಎಂದರು.

ವಿಶ್ವವಿದ್ಯಾಲಯದ ವಾಣಿಜ್ಯಶಾಸ್ತ್ರ ಪ್ರಾಧ್ಯಾಪಕ ಮತ್ತು ನಿರ್ದೇಶಕರಾದ ಪ್ರೊ.ಚನ್ನಬಸಪ್ಪ ಚಲವಾದಿ ಮಾತನಾಡಿ, ರೈತರ ಜೀವನ ಹಸಿರು ಮಾಡಿದ ಮಹಾನ್ ನಾಯಕ ಬಾಬು ಜಗಜೀವನರಾಮ್ ಅವರು ಬಡವರ, ದೀನದಲಿತರ ಮತ್ತು ಕಾರ್ಮಿಕರ ಉದ್ಧಾರಕ್ಕಾಗಿ ಅನೇಕ ಯೋಜನೆಗಳನ್ನು ರೂಪಿಸುವ ಮೂಲಕ ಸಾಮಾನ್ಯರ ಜೀವನದಲ್ಲಿ ಇಂದಿಗೂ ಮಹಾನ್ ನಾಯಕರಾಗಿ, ಹಸಿರುಕ್ರಾಂತಿಯ ಹರಿಕಾರರಾಗಿ ಖ್ಯಾತಿ ಪಡೆದಿದ್ದಾರೆ ಎಂದು ತಿಳಿಸಿದರು. ಕಾರ್ಯಕ್ರಮದಲ್ಲಿ ಇಂಗ್ಲಿಷ್ ಪ್ರಾಧ್ಯಾಪಕ ಜಡೆಪ್ಪ ಮತ್ತು ಸಮಾಜಶಾಸ್ತ್ರ ವಿಭಾಗದ ಉಪನ್ಯಾಸಕ ಪಾಪಣ್ಣ ಸೇರಿದಂತೆ ವಿಶ್ವವಿದ್ಯಾಲಯದ ಸಿಬ್ಬಂದಿಗಳು ಉಪಸ್ಥಿತರಿದ್ದರು.
